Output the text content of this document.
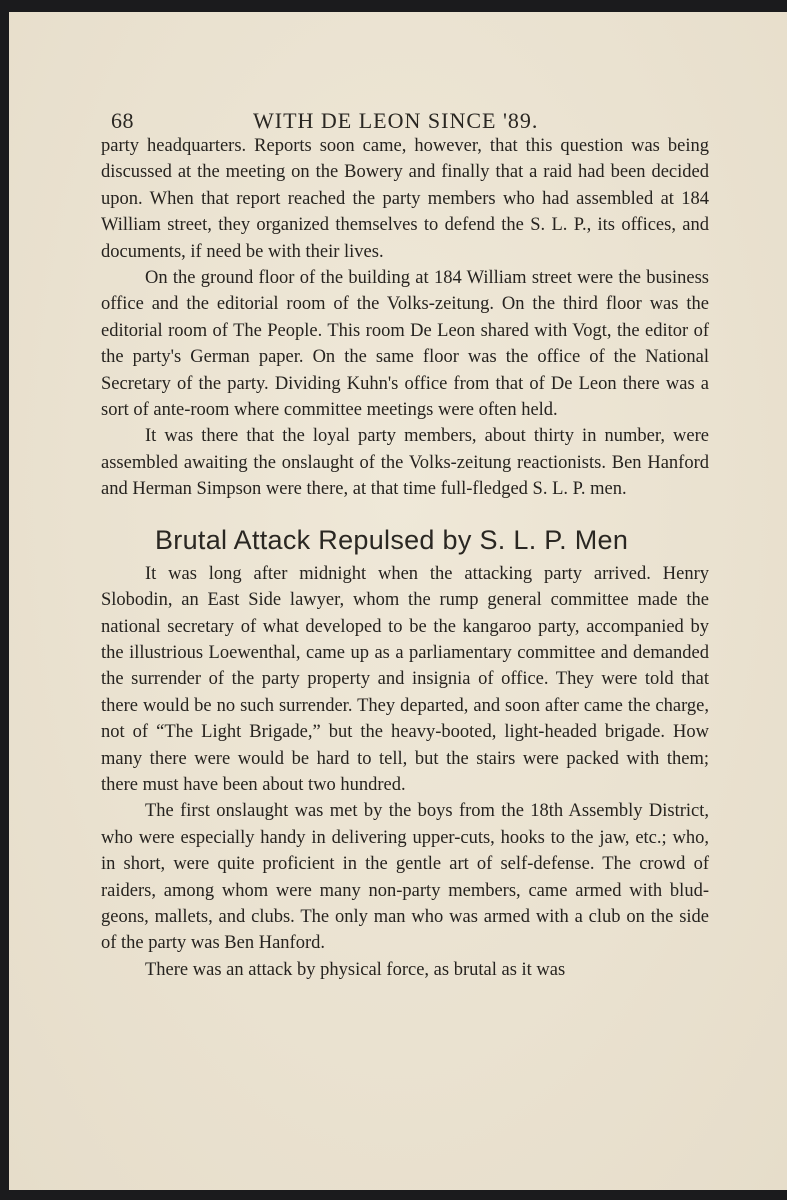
68	WITH DE LEON SINCE '89.

party headquarters. Reports soon came, however, that this question was being discussed at the meeting on the Bowery and finally that a raid had been decided upon. When that report reached the party members who had assembled at 184 William street, they organized themselves to defend the S. L. P., its offices, and documents, if need be with their lives.

On the ground floor of the building at 184 William street were the business office and the editorial room of the Volks-zeitung. On the third floor was the editorial room of The People. This room De Leon shared with Vogt, the editor of the party's German paper. On the same floor was the office of the National Secretary of the party. Dividing Kuhn's office from that of De Leon there was a sort of ante-room where committee meetings were often held.

It was there that the loyal party members, about thirty in number, were assembled awaiting the onslaught of the Volks-zeitung reactionists. Ben Hanford and Herman Simpson were there, at that time full-fledged S. L. P. men.

Brutal Attack Repulsed by S. L. P. Men

It was long after midnight when the attacking party arrived. Henry Slobodin, an East Side lawyer, whom the rump general committee made the national secretary of what developed to be the kangaroo party, accompanied by the illustrious Loewenthal, came up as a parliamentary committee and demanded the surrender of the party property and insignia of office. They were told that there would be no such surrender. They departed, and soon after came the charge, not of “The Light Brigade,” but the heavy-booted, light-headed brigade. How many there were would be hard to tell, but the stairs were packed with them; there must have been about two hundred.

The first onslaught was met by the boys from the 18th Assembly District, who were especially handy in delivering upper-cuts, hooks to the jaw, etc.; who, in short, were quite proficient in the gentle art of self-defense. The crowd of raiders, among whom were many non-party members, came armed with bludgeons, mallets, and clubs. The only man who was armed with a club on the side of the party was Ben Hanford.

There was an attack by physical force, as brutal as it was
